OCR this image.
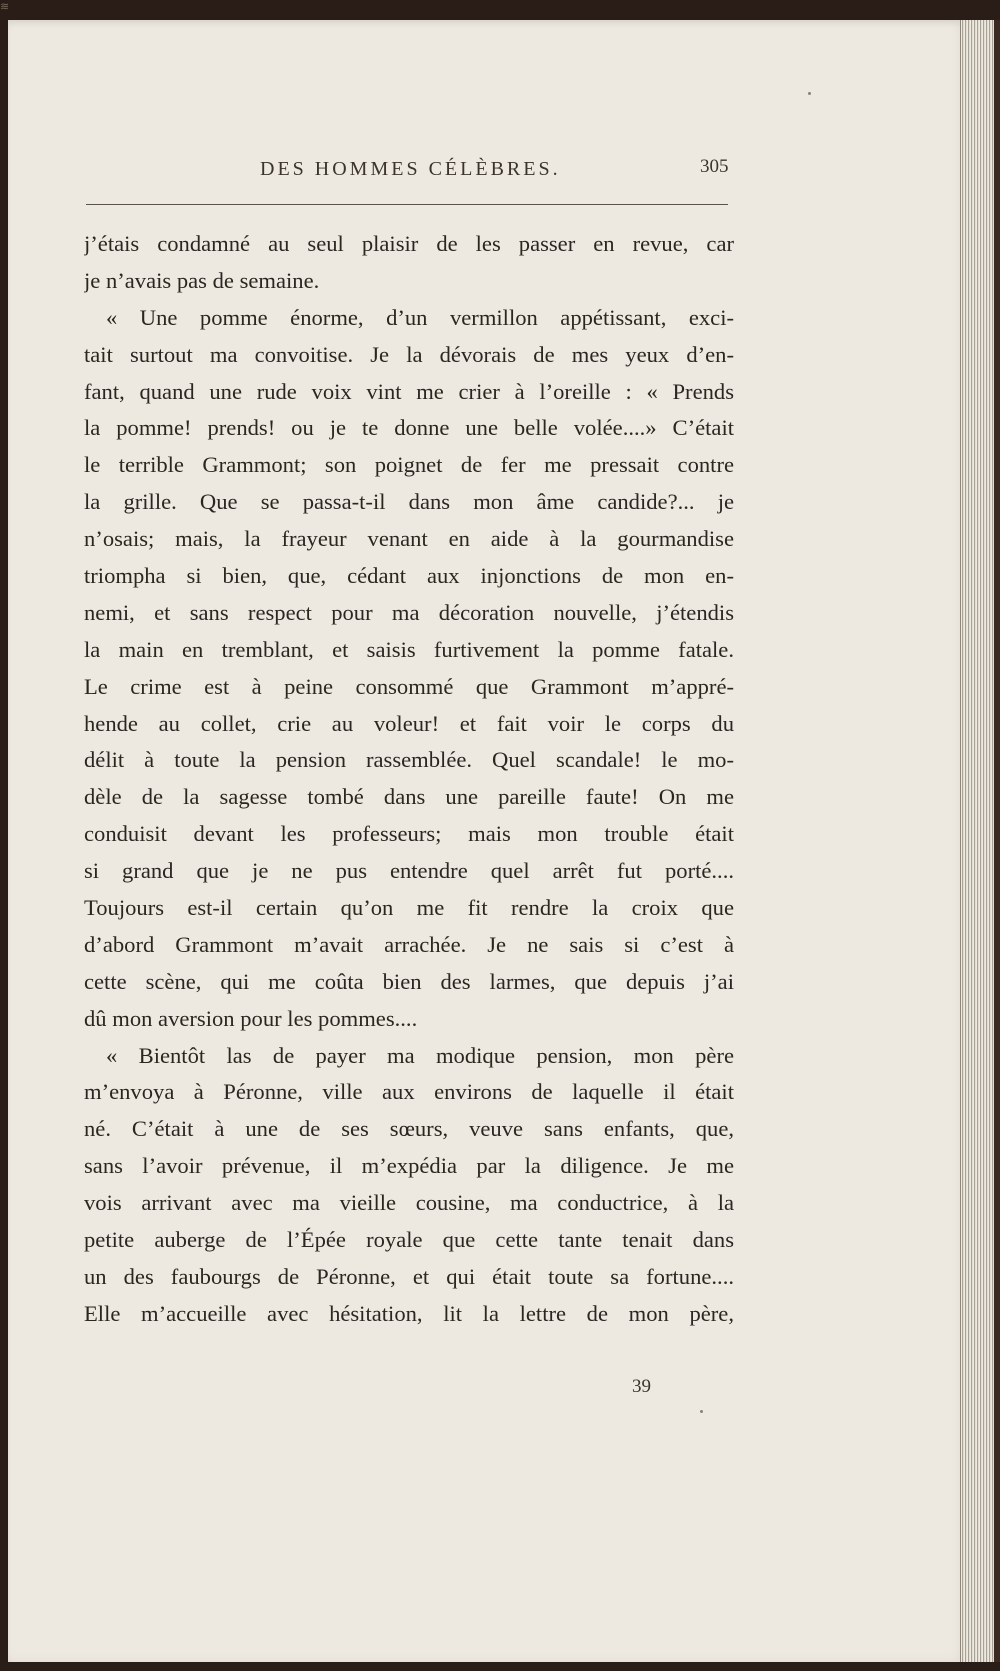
≋
DES HOMMES CÉLÈBRES.	305
j’étais condamné au seul plaisir de les passer en revue, car
je n’avais pas de semaine.
« Une pomme énorme, d’un vermillon appétissant, exci-
tait surtout ma convoitise. Je la dévorais de mes yeux d’en-
fant, quand une rude voix vint me crier à l’oreille : « Prends
la pomme! prends! ou je te donne une belle volée....» C’était
le terrible Grammont; son poignet de fer me pressait contre
la grille. Que se passa-t-il dans mon âme candide?... je
n’osais; mais, la frayeur venant en aide à la gourmandise
triompha si bien, que, cédant aux injonctions de mon en-
nemi, et sans respect pour ma décoration nouvelle, j’étendis
la main en tremblant, et saisis furtivement la pomme fatale.
Le crime est à peine consommé que Grammont m’appré-
hende au collet, crie au voleur! et fait voir le corps du
délit à toute la pension rassemblée. Quel scandale! le mo-
dèle de la sagesse tombé dans une pareille faute! On me
conduisit devant les professeurs; mais mon trouble était
si grand que je ne pus entendre quel arrêt fut porté....
Toujours est-il certain qu’on me fit rendre la croix que
d’abord Grammont m’avait arrachée. Je ne sais si c’est à
cette scène, qui me coûta bien des larmes, que depuis j’ai
dû mon aversion pour les pommes....
« Bientôt las de payer ma modique pension, mon père
m’envoya à Péronne, ville aux environs de laquelle il était
né. C’était à une de ses sœurs, veuve sans enfants, que,
sans l’avoir prévenue, il m’expédia par la diligence. Je me
vois arrivant avec ma vieille cousine, ma conductrice, à la
petite auberge de l’Épée royale que cette tante tenait dans
un des faubourgs de Péronne, et qui était toute sa fortune....
Elle m’accueille avec hésitation, lit la lettre de mon père,
39
